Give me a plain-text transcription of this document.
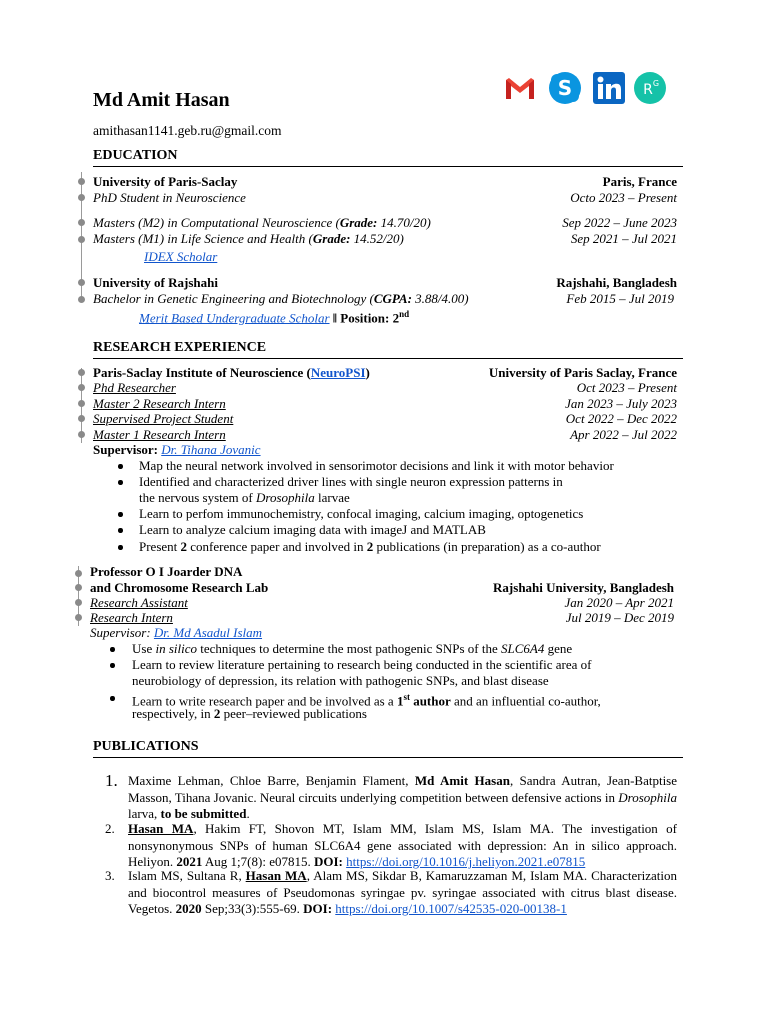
Md Amit Hasan
amithasan1141.geb.ru@gmail.com
S	R G
EDUCATION
University of Paris-Saclay	Paris, France
PhD Student in Neuroscience	Octo 2023 – Present
Masters (M2) in Computational Neuroscience (Grade: 14.70/20)	Sep 2022 – June 2023
Masters (M1) in Life Science and Health (Grade: 14.52/20)	Sep 2021 – Jul 2021
IDEX Scholar
University of Rajshahi	Rajshahi, Bangladesh
Bachelor in Genetic Engineering and Biotechnology (CGPA: 3.88/4.00)	Feb 2015 – Jul 2019
Merit Based Undergraduate Scholar ǁ Position: 2nd
RESEARCH EXPERIENCE
Paris-Saclay Institute of Neuroscience (NeuroPSI)	University of Paris Saclay, France
Phd Researcher	Oct 2023 – Present
Master 2 Research Intern	Jan 2023 – July 2023
Supervised Project Student	Oct 2022 – Dec 2022
Master 1 Research Intern	Apr 2022 – Jul 2022
Supervisor: Dr. Tihana Jovanic
Map the neural network involved in sensorimotor decisions and link it with motor behavior
Identified and characterized driver lines with single neuron expression patterns in
the nervous system of Drosophila larvae
Learn to perfom immunochemistry, confocal imaging, calcium imaging, optogenetics
Learn to analyze calcium imaging data with imageJ and MATLAB
Present 2 conference paper and involved in 2 publications (in preparation) as a co-author
Professor O I Joarder DNA
and Chromosome Research Lab	Rajshahi University, Bangladesh
Research Assistant	Jan 2020 – Apr 2021
Research Intern	Jul 2019 – Dec 2019
Supervisor: Dr. Md Asadul Islam
Use in silico techniques to determine the most pathogenic SNPs of the SLC6A4 gene
Learn to review literature pertaining to research being conducted in the scientific area of
neurobiology of depression, its relation with pathogenic SNPs, and blast disease
Learn to write research paper and be involved as a 1st author and an influential co-author,
respectively, in 2 peer–reviewed publications
PUBLICATIONS
1. Maxime Lehman, Chloe Barre, Benjamin Flament, Md Amit Hasan, Sandra Autran, Jean-Batptise Masson, Tihana Jovanic. Neural circuits underlying competition between defensive actions in Drosophila larva, to be submitted.
2. Hasan MA, Hakim FT, Shovon MT, Islam MM, Islam MS, Islam MA. The investigation of nonsynonymous SNPs of human SLC6A4 gene associated with depression: An in silico approach. Heliyon. 2021 Aug 1;7(8): e07815. DOI: https://doi.org/10.1016/j.heliyon.2021.e07815
3. Islam MS, Sultana R, Hasan MA, Alam MS, Sikdar B, Kamaruzzaman M, Islam MA. Characterization and biocontrol measures of Pseudomonas syringae pv. syringae associated with citrus blast disease. Vegetos. 2020 Sep;33(3):555-69. DOI: https://doi.org/10.1007/s42535-020-00138-1
